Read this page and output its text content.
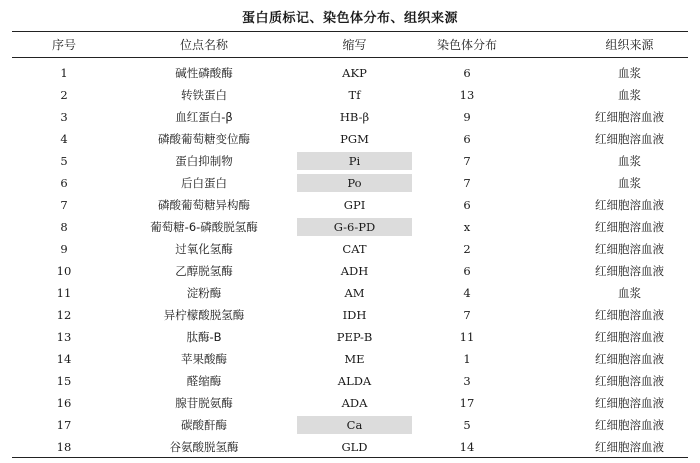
蛋白质标记、染色体分布、组织来源
序号	位点名称	缩写	染色体分布	组织来源
1	碱性磷酸酶	AKP	6	血浆
2	转铁蛋白	Tf	13	血浆
3	血红蛋白-β	HB-β	9	红细胞溶血液
4	磷酸葡萄糖变位酶	PGM	6	红细胞溶血液
5	蛋白抑制物	Pi	7	血浆
6	后白蛋白	Po	7	血浆
7	磷酸葡萄糖异构酶	GPI	6	红细胞溶血液
8	葡萄糖-6-磷酸脱氢酶	G-6-PD	x	红细胞溶血液
9	过氧化氢酶	CAT	2	红细胞溶血液
10	乙醇脱氢酶	ADH	6	红细胞溶血液
11	淀粉酶	AM	4	血浆
12	异柠檬酸脱氢酶	IDH	7	红细胞溶血液
13	肽酶-B	PEP-B	11	红细胞溶血液
14	苹果酸酶	ME	1	红细胞溶血液
15	醛缩酶	ALDA	3	红细胞溶血液
16	腺苷脱氨酶	ADA	17	红细胞溶血液
17	碳酸酐酶	Ca	5	红细胞溶血液
18	谷氨酸脱氢酶	GLD	14	红细胞溶血液
